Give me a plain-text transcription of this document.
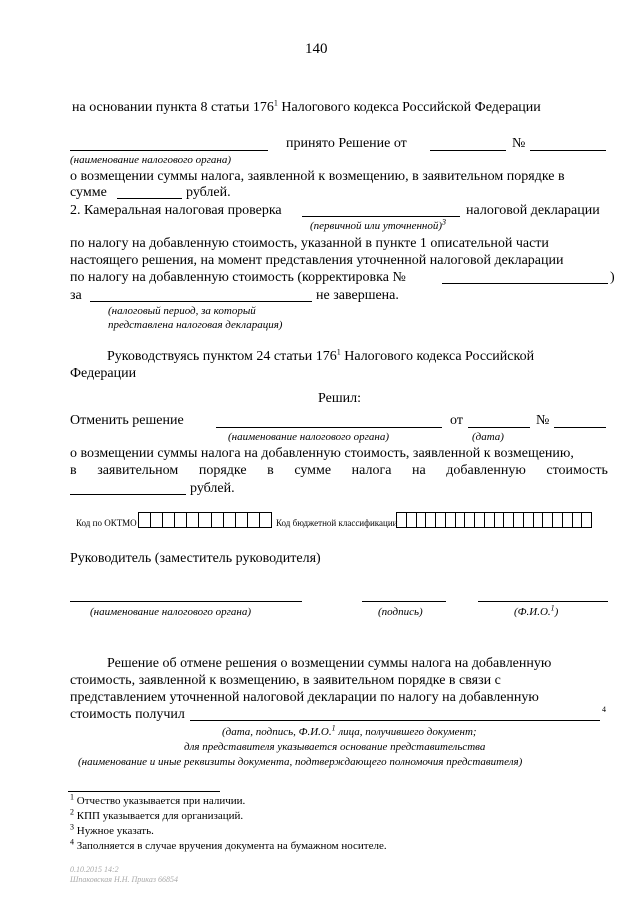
140
на основании пункта 8 статьи $176^1$ Налогового кодекса Российской Федерации
принято Решение от	№
(наименование налогового органа)
о возмещении суммы налога, заявленной к возмещению, в заявительном порядке в
сумме	рублей.
2. Камеральная налоговая проверка	налоговой декларации
(первичной или уточненной)$^3$
по налогу на добавленную стоимость, указанной в пункте 1 описательной части
настоящего решения, на момент представления уточненной налоговой декларации
по налогу на добавленную стоимость (корректировка №	)
за	не завершена.
(налоговый период, за который
представлена налоговая декларация)
Руководствуясь пунктом 24 статьи $176^1$ Налогового кодекса Российской
Федерации
Решил:
Отменить решение	от	№
(наименование налогового органа)	(дата)
о возмещении суммы налога на добавленную стоимость, заявленной к возмещению,
в заявительном порядке в сумме налога на добавленную стоимость
рублей.
Код по ОКТМО	Код бюджетной классификации
Руководитель (заместитель руководителя)
(наименование налогового органа)	(подпись)	(Ф.И.О.$^1$)
Решение об отмене решения о возмещении суммы налога на добавленную
стоимость, заявленной к возмещению, в заявительном порядке в связи с
представлением уточненной налоговой декларации по налогу на добавленную
стоимость получил	4
(дата, подпись, Ф.И.О.$^1$ лица, получившего документ;
для представителя указывается основание представительства
(наименование и иные реквизиты документа, подтверждающего полномочия представителя)
$^1$ Отчество указывается при наличии.
$^2$ КПП указывается для организаций.
$^3$ Нужное указать.
$^4$ Заполняется в случае вручения документа на бумажном носителе.
0.10.2015 14:2
Шпаковская Н.Н. Приказ 66854
